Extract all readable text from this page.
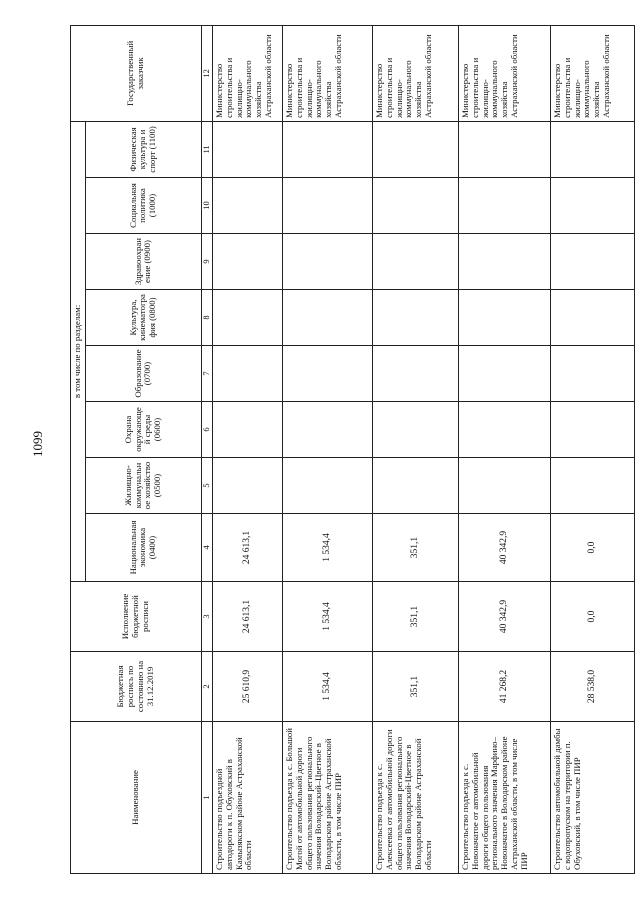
1099
Наименование	Бюджетная роспись по состоянию на 31.12.2019	Исполнение бюджетной росписи	в том числе по разделам:								Государственный заказчик
			Национальная экономика (0400)	Жилищно-коммунальное хозяйство (0500)	Охрана окружающей среды (0600)	Образование (0700)	Культура, кинематография (0800)	Здравоохранение (0900)	Социальная политика (1000)	Физическая культура и спорт (1100)	
1	2	3	4	5	6	7	8	9	10	11	12
Строительство подъездной автодороги к п. Обуховский в Камызякском районе Астраханской области	25 610,9	24 613,1	24 613,1								Министерство строительства и жилищно-коммунального хозяйства Астраханской области
Строительство подъезда к с. Большой Могой от автомобильной дороги общего пользования регионального значения Володарский–Цветное в Володарском районе Астраханской области, в том числе ПИР	1 534,4	1 534,4	1 534,4								Министерство строительства и жилищно-коммунального хозяйства Астраханской области
Строительство подъезда к с. Алексеевка от автомобильной дороги общего пользования регионального значения Володарский-Цветное в Володарском районе Астраханской области	351,1	351,1	351,1								Министерство строительства и жилищно-коммунального хозяйства Астраханской области
Строительство подъезда к с. Новоначатое от автомобильной дороги общего пользования регионального значения Марфино–Новоначатое в Володарском районе Астраханской области, в том числе ПИР	41 268,2	40 342,9	40 342,9								Министерство строительства и жилищно-коммунального хозяйства Астраханской области
Строительство автомобильной дамбы с водопропуском на территории п. Обуховский, в том числе ПИР	28 538,0	0,0	0,0								Министерство строительства и жилищно-коммунального хозяйства Астраханской области
